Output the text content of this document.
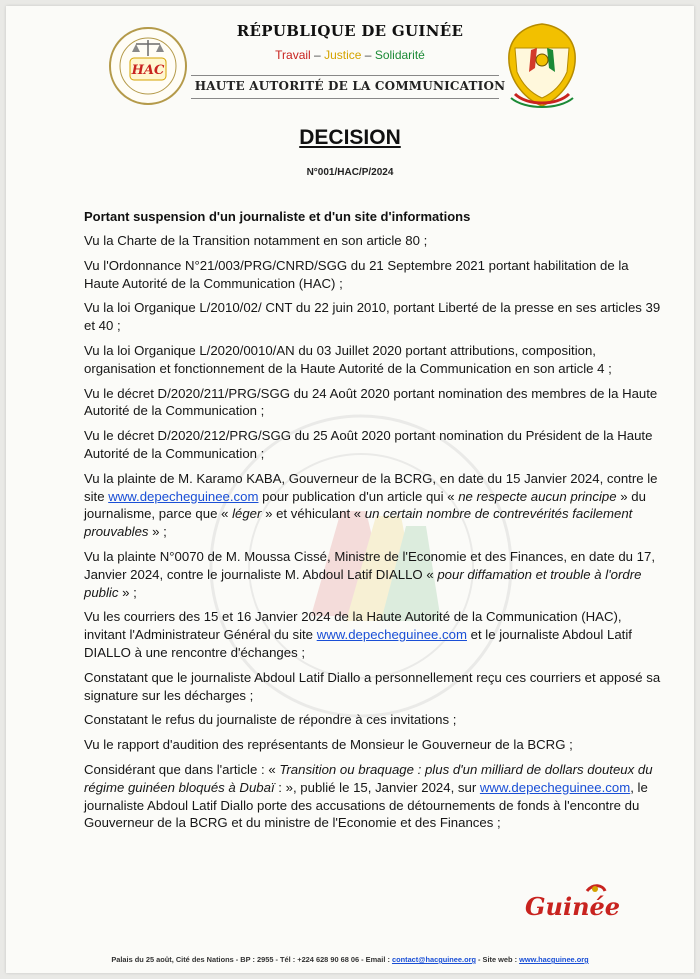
HAC
RÉPUBLIQUE DE GUINÉE
Travail – Justice – Solidarité
HAUTE AUTORITÉ DE LA COMMUNICATION
DECISION
N°001/HAC/P/2024
Portant suspension d'un journaliste et d'un site d'informations

Vu la Charte de la Transition notamment en son article 80 ;

Vu l'Ordonnance N°21/003/PRG/CNRD/SGG du 21 Septembre 2021 portant habilitation de la Haute Autorité de la Communication (HAC) ;

Vu la loi Organique L/2010/02/ CNT du 22 juin 2010, portant Liberté de la presse en ses articles 39 et 40 ;

Vu la loi Organique L/2020/0010/AN du 03 Juillet 2020 portant attributions, composition, organisation et fonctionnement de la Haute Autorité de la Communication en son article 4 ;

Vu le décret D/2020/211/PRG/SGG du 24 Août 2020 portant nomination des membres de la Haute Autorité de la Communication ;

Vu le décret D/2020/212/PRG/SGG du 25 Août 2020 portant nomination du Président de la Haute Autorité de la Communication ;

Vu la plainte de M. Karamo KABA, Gouverneur de la BCRG, en date du 15 Janvier 2024, contre le site www.depecheguinee.com pour publication d'un article qui « ne respecte aucun principe » du journalisme, parce que « léger » et véhiculant « un certain nombre de contrevérités facilement prouvables » ;

Vu la plainte N°0070 de M. Moussa Cissé, Ministre de l'Economie et des Finances, en date du 17, Janvier 2024, contre le journaliste M. Abdoul Latif DIALLO « pour diffamation et trouble à l'ordre public » ;

Vu les courriers des 15 et 16 Janvier 2024 de la Haute Autorité de la Communication (HAC), invitant l'Administrateur Général du site www.depecheguinee.com et le journaliste Abdoul Latif DIALLO à une rencontre d'échanges ;

Constatant que le journaliste Abdoul Latif Diallo a personnellement reçu ces courriers et apposé sa signature sur les décharges ;

Constatant le refus du journaliste de répondre à ces invitations ;

Vu le rapport d'audition des représentants de Monsieur le Gouverneur de la BCRG ;

Considérant que dans l'article : « Transition ou braquage : plus d'un milliard de dollars douteux du régime guinéen bloqués à Dubaï : », publié le 15, Janvier 2024, sur www.depecheguinee.com, le journaliste Abdoul Latif Diallo porte des accusations de détournements de fonds à l'encontre du Gouverneur de la BCRG et du ministre de l'Economie et des Finances ;

Guinée
Palais du 25 août, Cité des Nations - BP : 2955 - Tél : +224 628 90 68 06 - Email : contact@hacguinee.org - Site web : www.hacguinee.org
